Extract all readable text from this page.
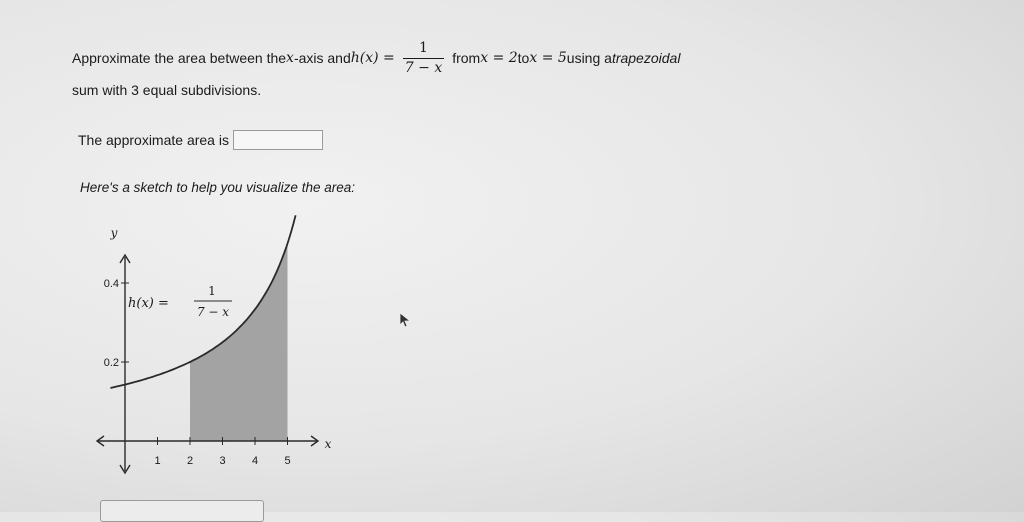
Approximate the area between the x -axis and $h(x) = \frac{1}{7 - x}$ from x = 2 to x = 5 using a trapezoidal
sum with 3 equal subdivisions.
The approximate area is
Here's a sketch to help you visualize the area:
1 2 3 4 5
0.2
0.4
y
x
h(x) =
1
7 − x
